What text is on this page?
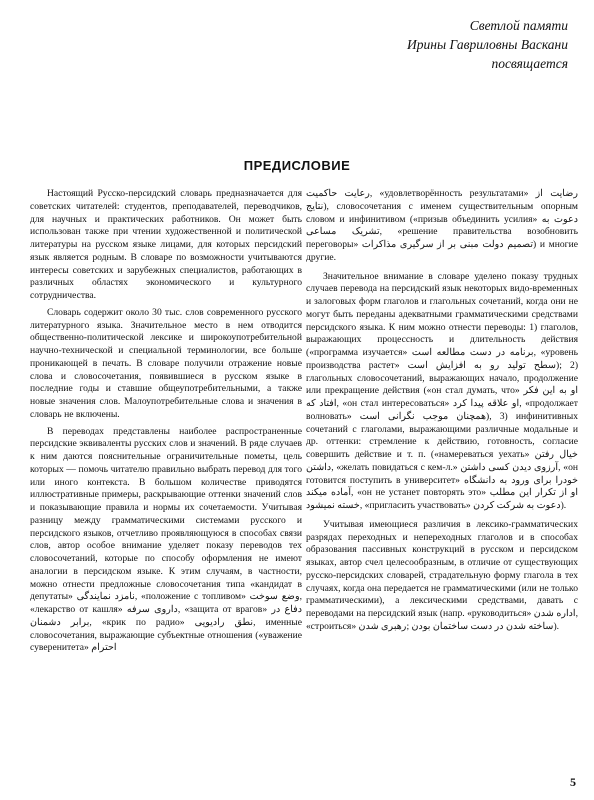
Светлой памяти
Ирины Гавриловны Васкани
посвящается
ПРЕДИСЛОВИЕ

Настоящий Русско-персидский словарь предназначается для советских читателей: студентов, преподавателей, переводчиков, для научных и практических работников. Он может быть использован также при чтении художественной и политической литературы на русском языке лицами, для которых персидский язык является родным. В словаре по возможности учитываются интересы советских и зарубежных специалистов, работающих в различных областях экономического и культурного сотрудничества.

Словарь содержит около 30 тыс. слов современного русского литературного языка. Значительное место в нем отводится общественно-политической лексике и широкоупотребительной научно-технической и специальной терминологии, все больше проникающей в печать. В словаре получили отражение новые слова и словосочетания, появившиеся в русском языке в последние годы и ставшие общеупотребительными, а также новые значения слов. Малоупотребительные слова и значения в словарь не включены.

В переводах представлены наиболее распространенные персидские эквиваленты русских слов и значений. В ряде случаев к ним даются пояснительные ограничительные пометы, цель которых — помочь читателю правильно выбрать перевод для того или иного контекста. В большом количестве приводятся иллюстративные примеры, раскрывающие оттенки значений слов и показывающие правила и нормы их сочетаемости. Учитывая разницу между грамматическими системами русского и персидского языков, отчетливо проявляющуюся в способах связи слов, автор особое внимание уделяет показу переводов тех словосочетаний, которые по способу оформления не имеют аналогии в персидском языке. К этим случаям, в частности, можно отнести предложные словосочетания типа «кандидат в депутаты» نامزد نمایندگی, «положение с топливом» وضع سوخت, «лекарство от кашля» داروی سرفه, «защита от врагов» دفاع در برابر دشمنان, «крик по радио» نطق رادیویی, именные словосочетания, выражающие субъектные отношения («уважение суверенитета» احترام

رعایت حاکمیت, «удовлетворённость результатами» رضایت از نتایج), словосочетания с именем существительным опорным словом и инфинитивом («призыв объединить усилия» دعوت به تشریک مساعی, «решение правительства возобновить переговоры» تصمیم دولت مبنی بر از سرگیری مذاکرات) и многие другие.

Значительное внимание в словаре уделено показу трудных случаев перевода на персидский язык некоторых видо-временных и залоговых форм глаголов и глагольных сочетаний, когда они не могут быть переданы адекватными грамматическими средствами персидского языка. К ним можно отнести переводы: 1) глаголов, выражающих процессность и длительность действия («программа изучается» برنامه در دست مطالعه است, «уровень производства растет» سطح تولید رو به افزایش است); 2) глагольных словосочетаний, выражающих начало, продолжение или прекращение действия («он стал думать, что» او به این فکر افتاد که, «он стал интересоваться» او علاقه پیدا کرد, «продолжает волновать» همچنان موجب نگرانی است), 3) инфинитивных сочетаний с глаголами, выражающими различные модальные и др. оттенки: стремление к действию, готовность, согласие совершить действие и т. п. («намереваться уехать» خیال رفتن داشتن, «желать повидаться с кем-л.» آرزوی دیدن کسی داشتن, «он готовится поступить в университет» خودرا برای ورود به دانشگاه آماده میکند, «он не устанет повторять это» او از تکرار این مطلب خسته نمیشود, «пригласить участвовать» دعوت به شرکت کردن).

Учитывая имеющиеся различия в лексико-грамматических разрядах переходных и непереходных глаголов и в способах образования пассивных конструкций в русском и персидском языках, автор счел целесообразным, в отличие от существующих русско-персидских словарей, страдательную форму глагола в тех случаях, когда она передается не грамматическими (или не только грамматическими), а лексическими средствами, давать с переводами на персидский язык (напр. «руководиться» اداره شدن, «строиться» ساخته شدن در دست ساختمان بودن ;رهبری شدن).

5
